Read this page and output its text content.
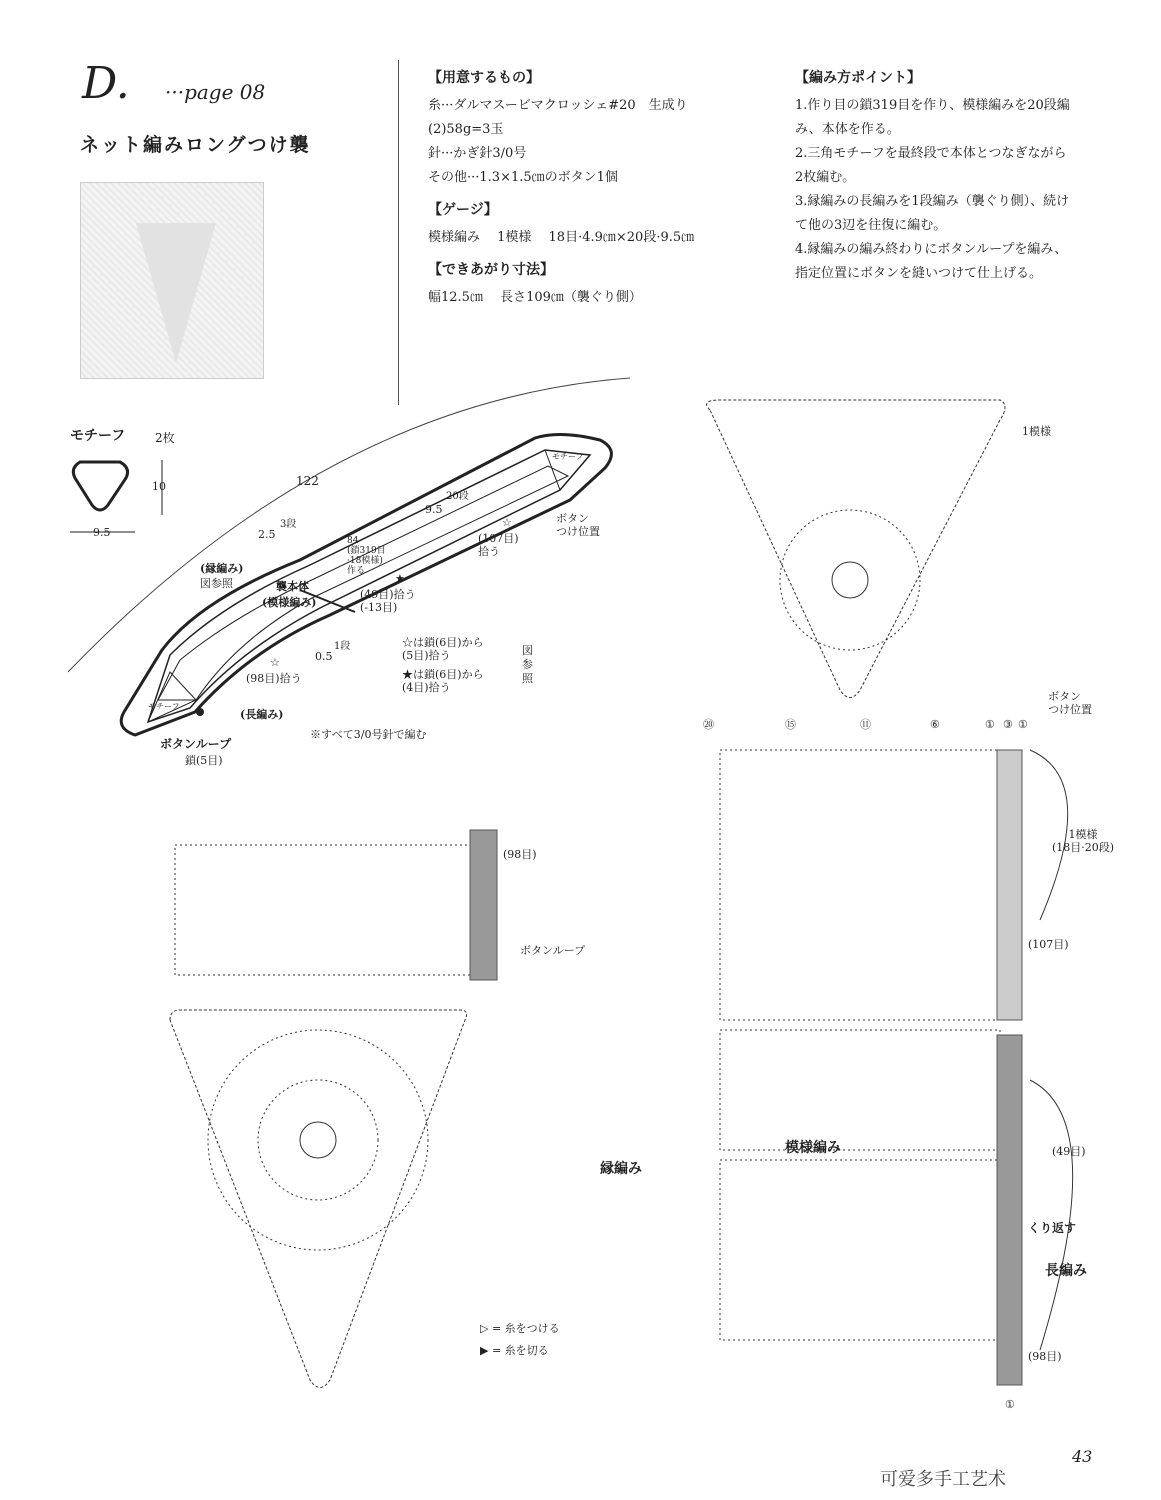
D. ···page 08
ネット編みロングつけ襲
【用意するもの】
糸···ダルマスービマクロッシェ#20　生成り
(2)58g=3玉
針···かぎ針3/0号
その他···1.3×1.5㎝のボタン1個
【ゲージ】
模様編み　 1模様　 18目·4.9㎝×20段·9.5㎝
【できあがり寸法】
幅12.5㎝　 長さ109㎝（襲ぐり側）
【編み方ポイント】
1.作り目の鎖319目を作り、模様編みを20段編
み、本体を作る。
2.三角モチーフを最終段で本体とつなぎながら
2枚編む。
3.縁編みの長編みを1段編み（襲ぐり側）、続け
て他の3辺を往復に編む。
4.縁編みの編み終わりにボタンループを編み、
指定位置にボタンを縫いつけて仕上げる。
モチーフ 2枚
10
9.5
122
(縁編み)
図参照	襲本体
(模様編み)
84
(鎖319目
·18模様)
作る
2.5
3段
9.5
20段
0.5
1段
☆
(107目)
拾う
★
(49目)拾う
(-13目)
☆
(98目)拾う
☆は鎖(6目)から
(5目)拾う
★は鎖(6目)から
(4目)拾う
図参照
ボタン
つけ位置
モチーフ
モチーフ
(長編み)
ボタンループ
鎖(5目)
※すべて3/0号針で編む
1模様
ボタン
つけ位置
1模様
(18目·20段)
(107目)
(49目)
(98目)
模様編み
縁編み
くり返す
長編み
⑳	⑮	⑪	⑥	① ③ ①
①
(98目)
ボタンループ
▷ = 糸をつける
▶ = 糸を切る
43
可爱多手工艺术
